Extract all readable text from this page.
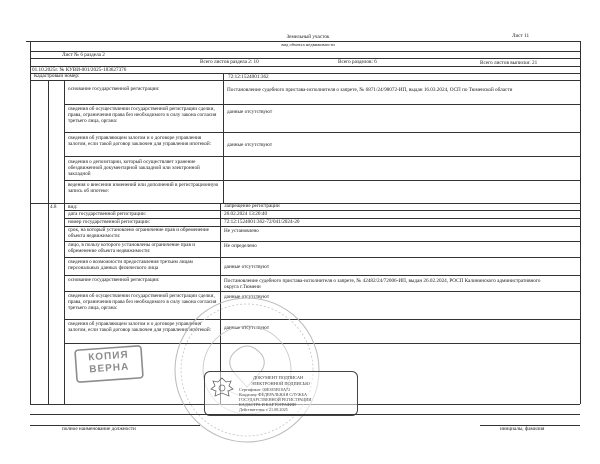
Лист 11
Земельный участок
вид объекта недвижимости
Лист № 6 раздела 2
Всего листов раздела 2: 10	Всего разделов: 6	Всего листов выписки: 21
01.10.2025г. № КУВИ-001/2025-183627376
Кадастровый номер:	72:12:1524001:362
основание государственной регистрации:	Постановление судебного пристава-исполнителя о запрете, № 6871/24/98072-ИП, выдан 16.03.2024, ОСП по Тюменской области
сведения об осуществлении государственной регистрации сделки, права, ограничения права без необходимого в силу закона согласия третьего лица, органа:
данные отсутствуют
сведения об управляющем залогом и о договоре управления залогом, если такой договор заключен для управления ипотекой:	данные отсутствуют
сведения о депозитарии, который осуществляет хранение обездвиженной документарной закладной или электронной закладной
ведения о внесении изменений или дополнений в регистрационную запись об ипотеке:
4.8 вид:	Запрещение регистрации
дата государственной регистрации:	26.02.2024 13:20:40
номер государственной регистрации:	72:12:1524001:362-72/041/2024-20
срок, на который установлено ограничение прав и обременение объекта недвижимости:
Не установлено
лицо, в пользу которого установлены ограничение прав и обременение объекта недвижимости:
Не определено
сведения о возможности предоставления третьим лицам персональных данных физического лица	данные отсутствуют
основание государственной регистрации:	Постановление судебного пристава-исполнителя о запрете, № 42482/24/72006-ИП, выдан 26.02.2024, РОСП Калининского административного округа г.Тюмени
сведения об осуществлении государственной регистрации сделки, права, ограничения права без необходимого в силу закона согласия третьего лица, органа:
данные отсутствуют
сведения об управляющем залогом и о договоре управления залогом, если такой договор заключен для управления ипотекой:	данные отсутствуют
КОПИЯ ВЕРНА
ДОКУМЕНТ ПОДПИСАН
ЭЛЕКТРОННОЙ ПОДПИСЬЮ
Сертификат: 00E3E5B18A72
Владелец: ФЕДЕРАЛЬНАЯ СЛУЖБА
ГОСУДАРСТВЕННОЙ РЕГИСТРАЦИИ
КАДАСТРА И КАРТОГРАФИИ
Действителен: с 21.08.2025
полное наименование должности	инициалы, фамилия
